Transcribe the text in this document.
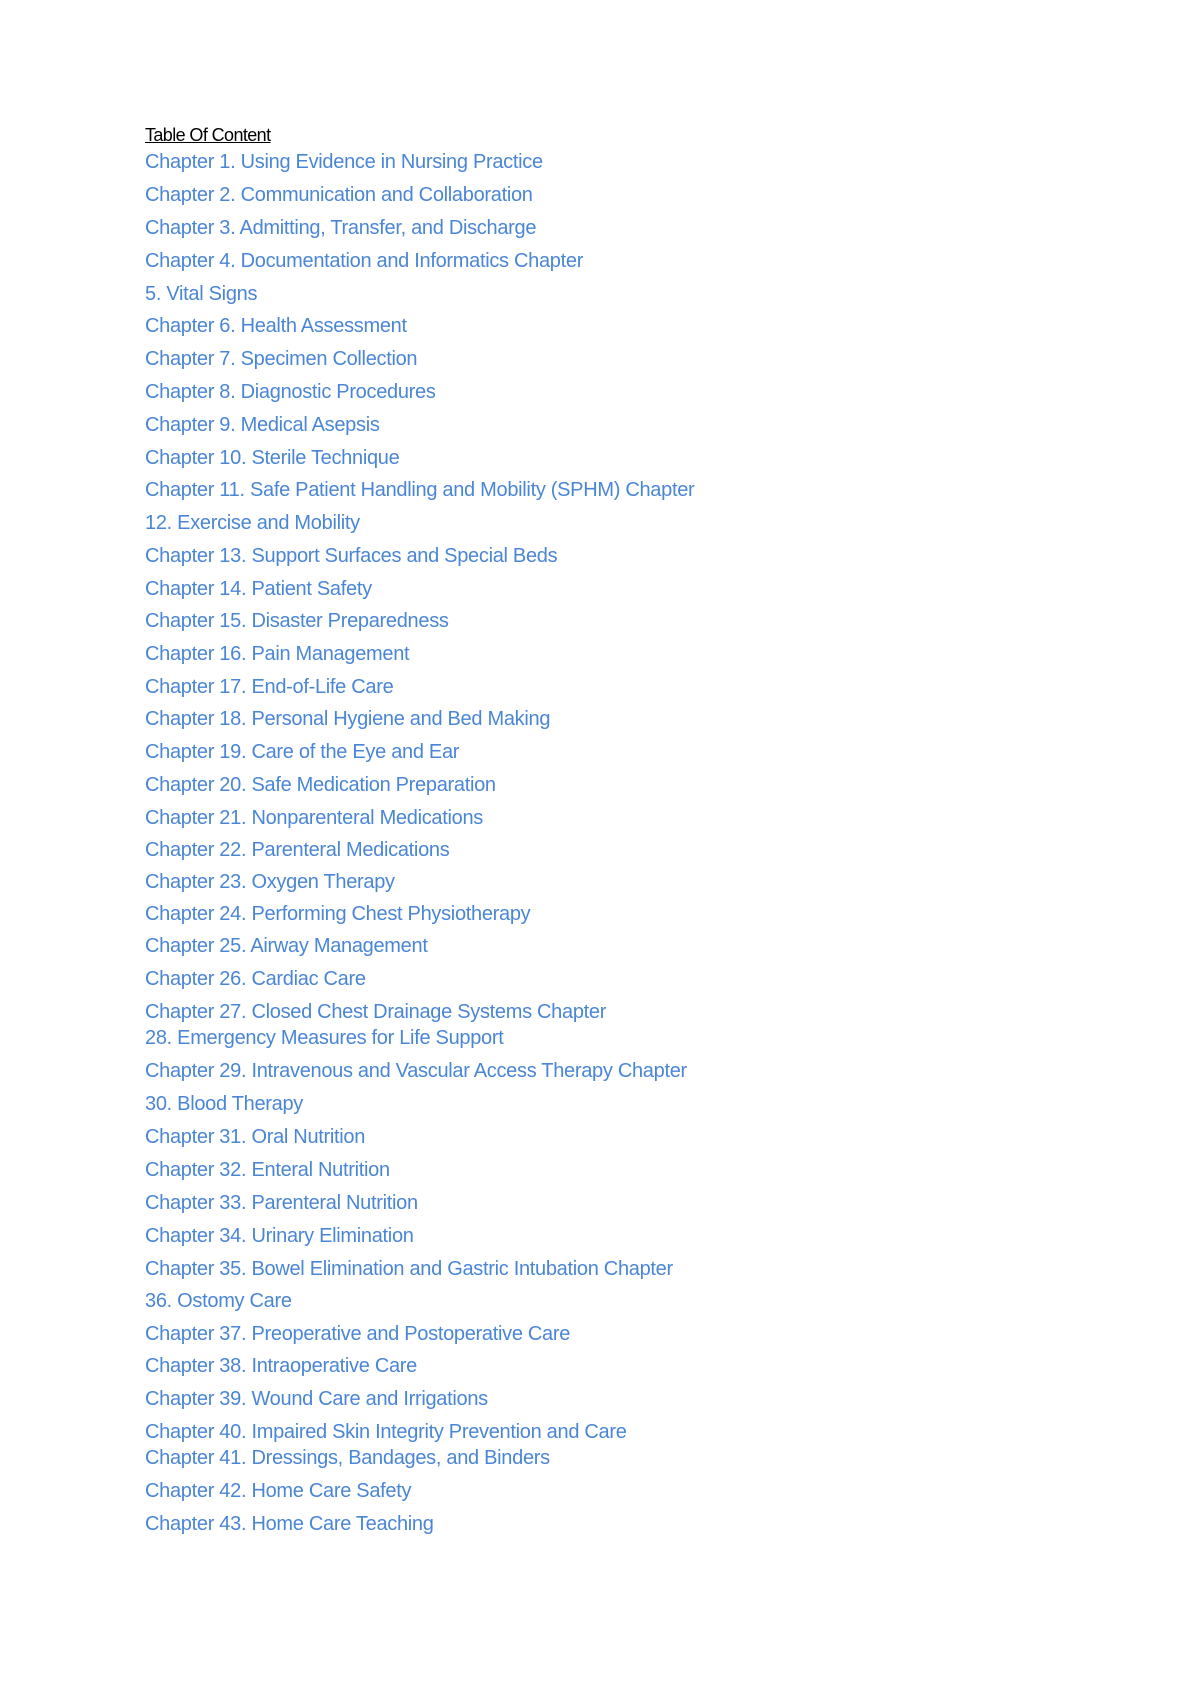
Table Of Content
Chapter 1. Using Evidence in Nursing Practice
Chapter 2. Communication and Collaboration
Chapter 3. Admitting, Transfer, and Discharge
Chapter 4. Documentation and Informatics Chapter
5. Vital Signs
Chapter 6. Health Assessment
Chapter 7. Specimen Collection
Chapter 8. Diagnostic Procedures
Chapter 9. Medical Asepsis
Chapter 10. Sterile Technique
Chapter 11. Safe Patient Handling and Mobility (SPHM) Chapter
12. Exercise and Mobility
Chapter 13. Support Surfaces and Special Beds
Chapter 14. Patient Safety
Chapter 15. Disaster Preparedness
Chapter 16. Pain Management
Chapter 17. End-of-Life Care
Chapter 18. Personal Hygiene and Bed Making
Chapter 19. Care of the Eye and Ear
Chapter 20. Safe Medication Preparation
Chapter 21. Nonparenteral Medications
Chapter 22. Parenteral Medications
Chapter 23. Oxygen Therapy
Chapter 24. Performing Chest Physiotherapy
Chapter 25. Airway Management
Chapter 26. Cardiac Care
Chapter 27. Closed Chest Drainage Systems Chapter
28. Emergency Measures for Life Support
Chapter 29. Intravenous and Vascular Access Therapy Chapter
30. Blood Therapy
Chapter 31. Oral Nutrition
Chapter 32. Enteral Nutrition
Chapter 33. Parenteral Nutrition
Chapter 34. Urinary Elimination
Chapter 35. Bowel Elimination and Gastric Intubation Chapter
36. Ostomy Care
Chapter 37. Preoperative and Postoperative Care
Chapter 38. Intraoperative Care
Chapter 39. Wound Care and Irrigations
Chapter 40. Impaired Skin Integrity Prevention and Care
Chapter 41. Dressings, Bandages, and Binders
Chapter 42. Home Care Safety
Chapter 43. Home Care Teaching
